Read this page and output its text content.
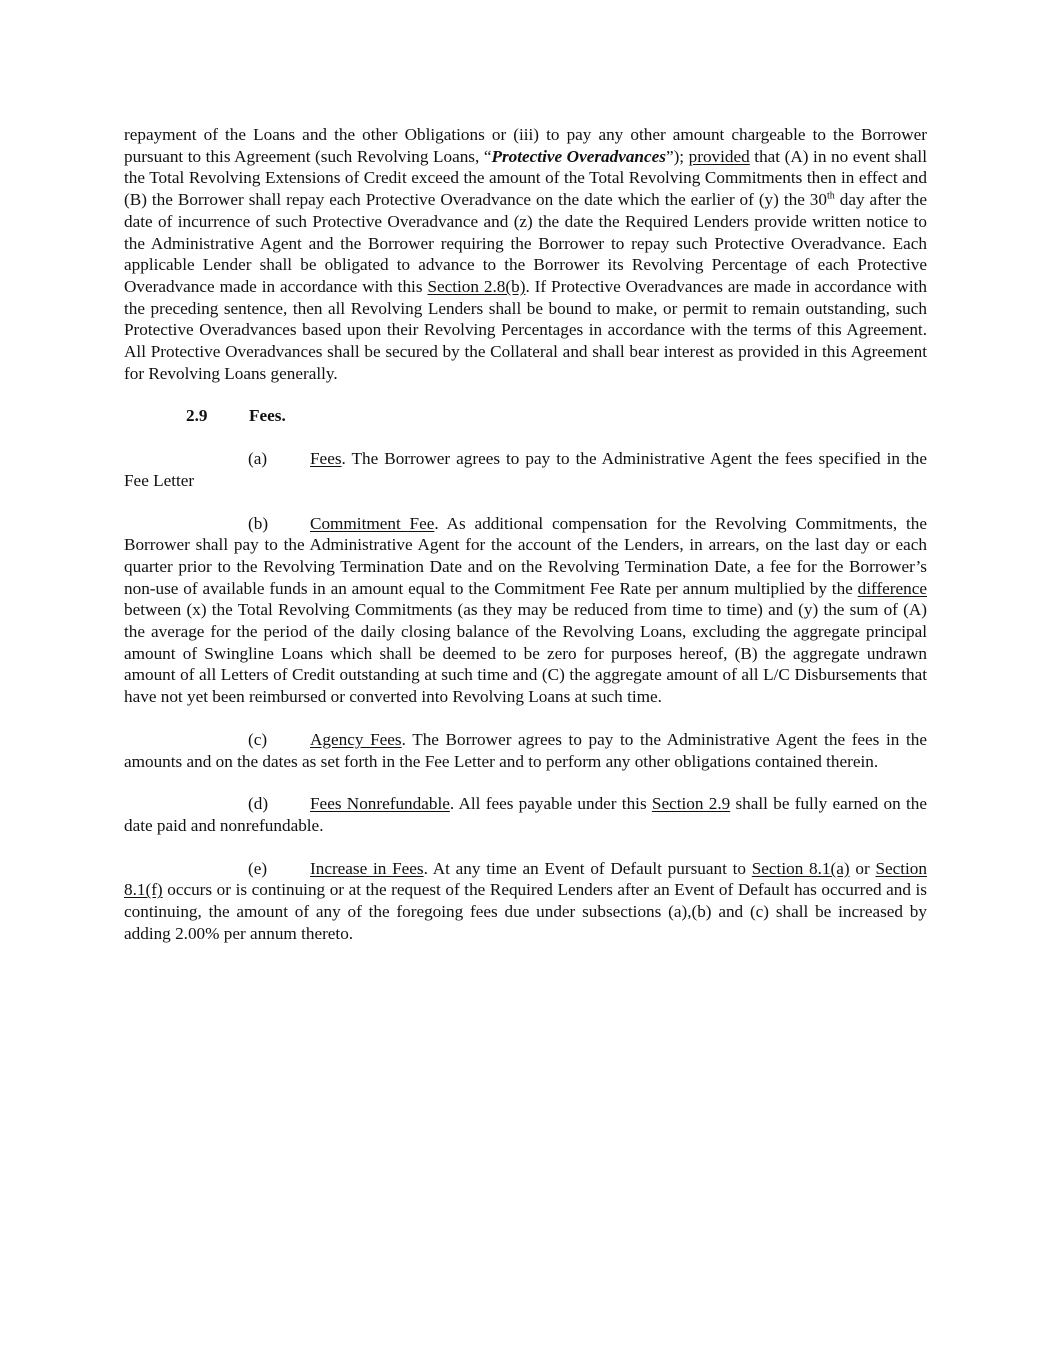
repayment of the Loans and the other Obligations or (iii) to pay any other amount chargeable to the Borrower pursuant to this Agreement (such Revolving Loans, “Protective Overadvances”); provided that (A) in no event shall the Total Revolving Extensions of Credit exceed the amount of the Total Revolving Commitments then in effect and (B) the Borrower shall repay each Protective Overadvance on the date which the earlier of (y) the 30th day after the date of incurrence of such Protective Overadvance and (z) the date the Required Lenders provide written notice to the Administrative Agent and the Borrower requiring the Borrower to repay such Protective Overadvance. Each applicable Lender shall be obligated to advance to the Borrower its Revolving Percentage of each Protective Overadvance made in accordance with this Section 2.8(b). If Protective Overadvances are made in accordance with the preceding sentence, then all Revolving Lenders shall be bound to make, or permit to remain outstanding, such Protective Overadvances based upon their Revolving Percentages in accordance with the terms of this Agreement. All Protective Overadvances shall be secured by the Collateral and shall bear interest as provided in this Agreement for Revolving Loans generally.

2.9 Fees.

(a) Fees. The Borrower agrees to pay to the Administrative Agent the fees specified in the Fee Letter

(b) Commitment Fee. As additional compensation for the Revolving Commitments, the Borrower shall pay to the Administrative Agent for the account of the Lenders, in arrears, on the last day or each quarter prior to the Revolving Termination Date and on the Revolving Termination Date, a fee for the Borrower’s non-use of available funds in an amount equal to the Commitment Fee Rate per annum multiplied by the difference between (x) the Total Revolving Commitments (as they may be reduced from time to time) and (y) the sum of (A) the average for the period of the daily closing balance of the Revolving Loans, excluding the aggregate principal amount of Swingline Loans which shall be deemed to be zero for purposes hereof, (B) the aggregate undrawn amount of all Letters of Credit outstanding at such time and (C) the aggregate amount of all L/C Disbursements that have not yet been reimbursed or converted into Revolving Loans at such time.

(c) Agency Fees. The Borrower agrees to pay to the Administrative Agent the fees in the amounts and on the dates as set forth in the Fee Letter and to perform any other obligations contained therein.

(d) Fees Nonrefundable. All fees payable under this Section 2.9 shall be fully earned on the date paid and nonrefundable.

(e) Increase in Fees. At any time an Event of Default pursuant to Section 8.1(a) or Section 8.1(f) occurs or is continuing or at the request of the Required Lenders after an Event of Default has occurred and is continuing, the amount of any of the foregoing fees due under subsections (a),(b) and (c) shall be increased by adding 2.00% per annum thereto.
